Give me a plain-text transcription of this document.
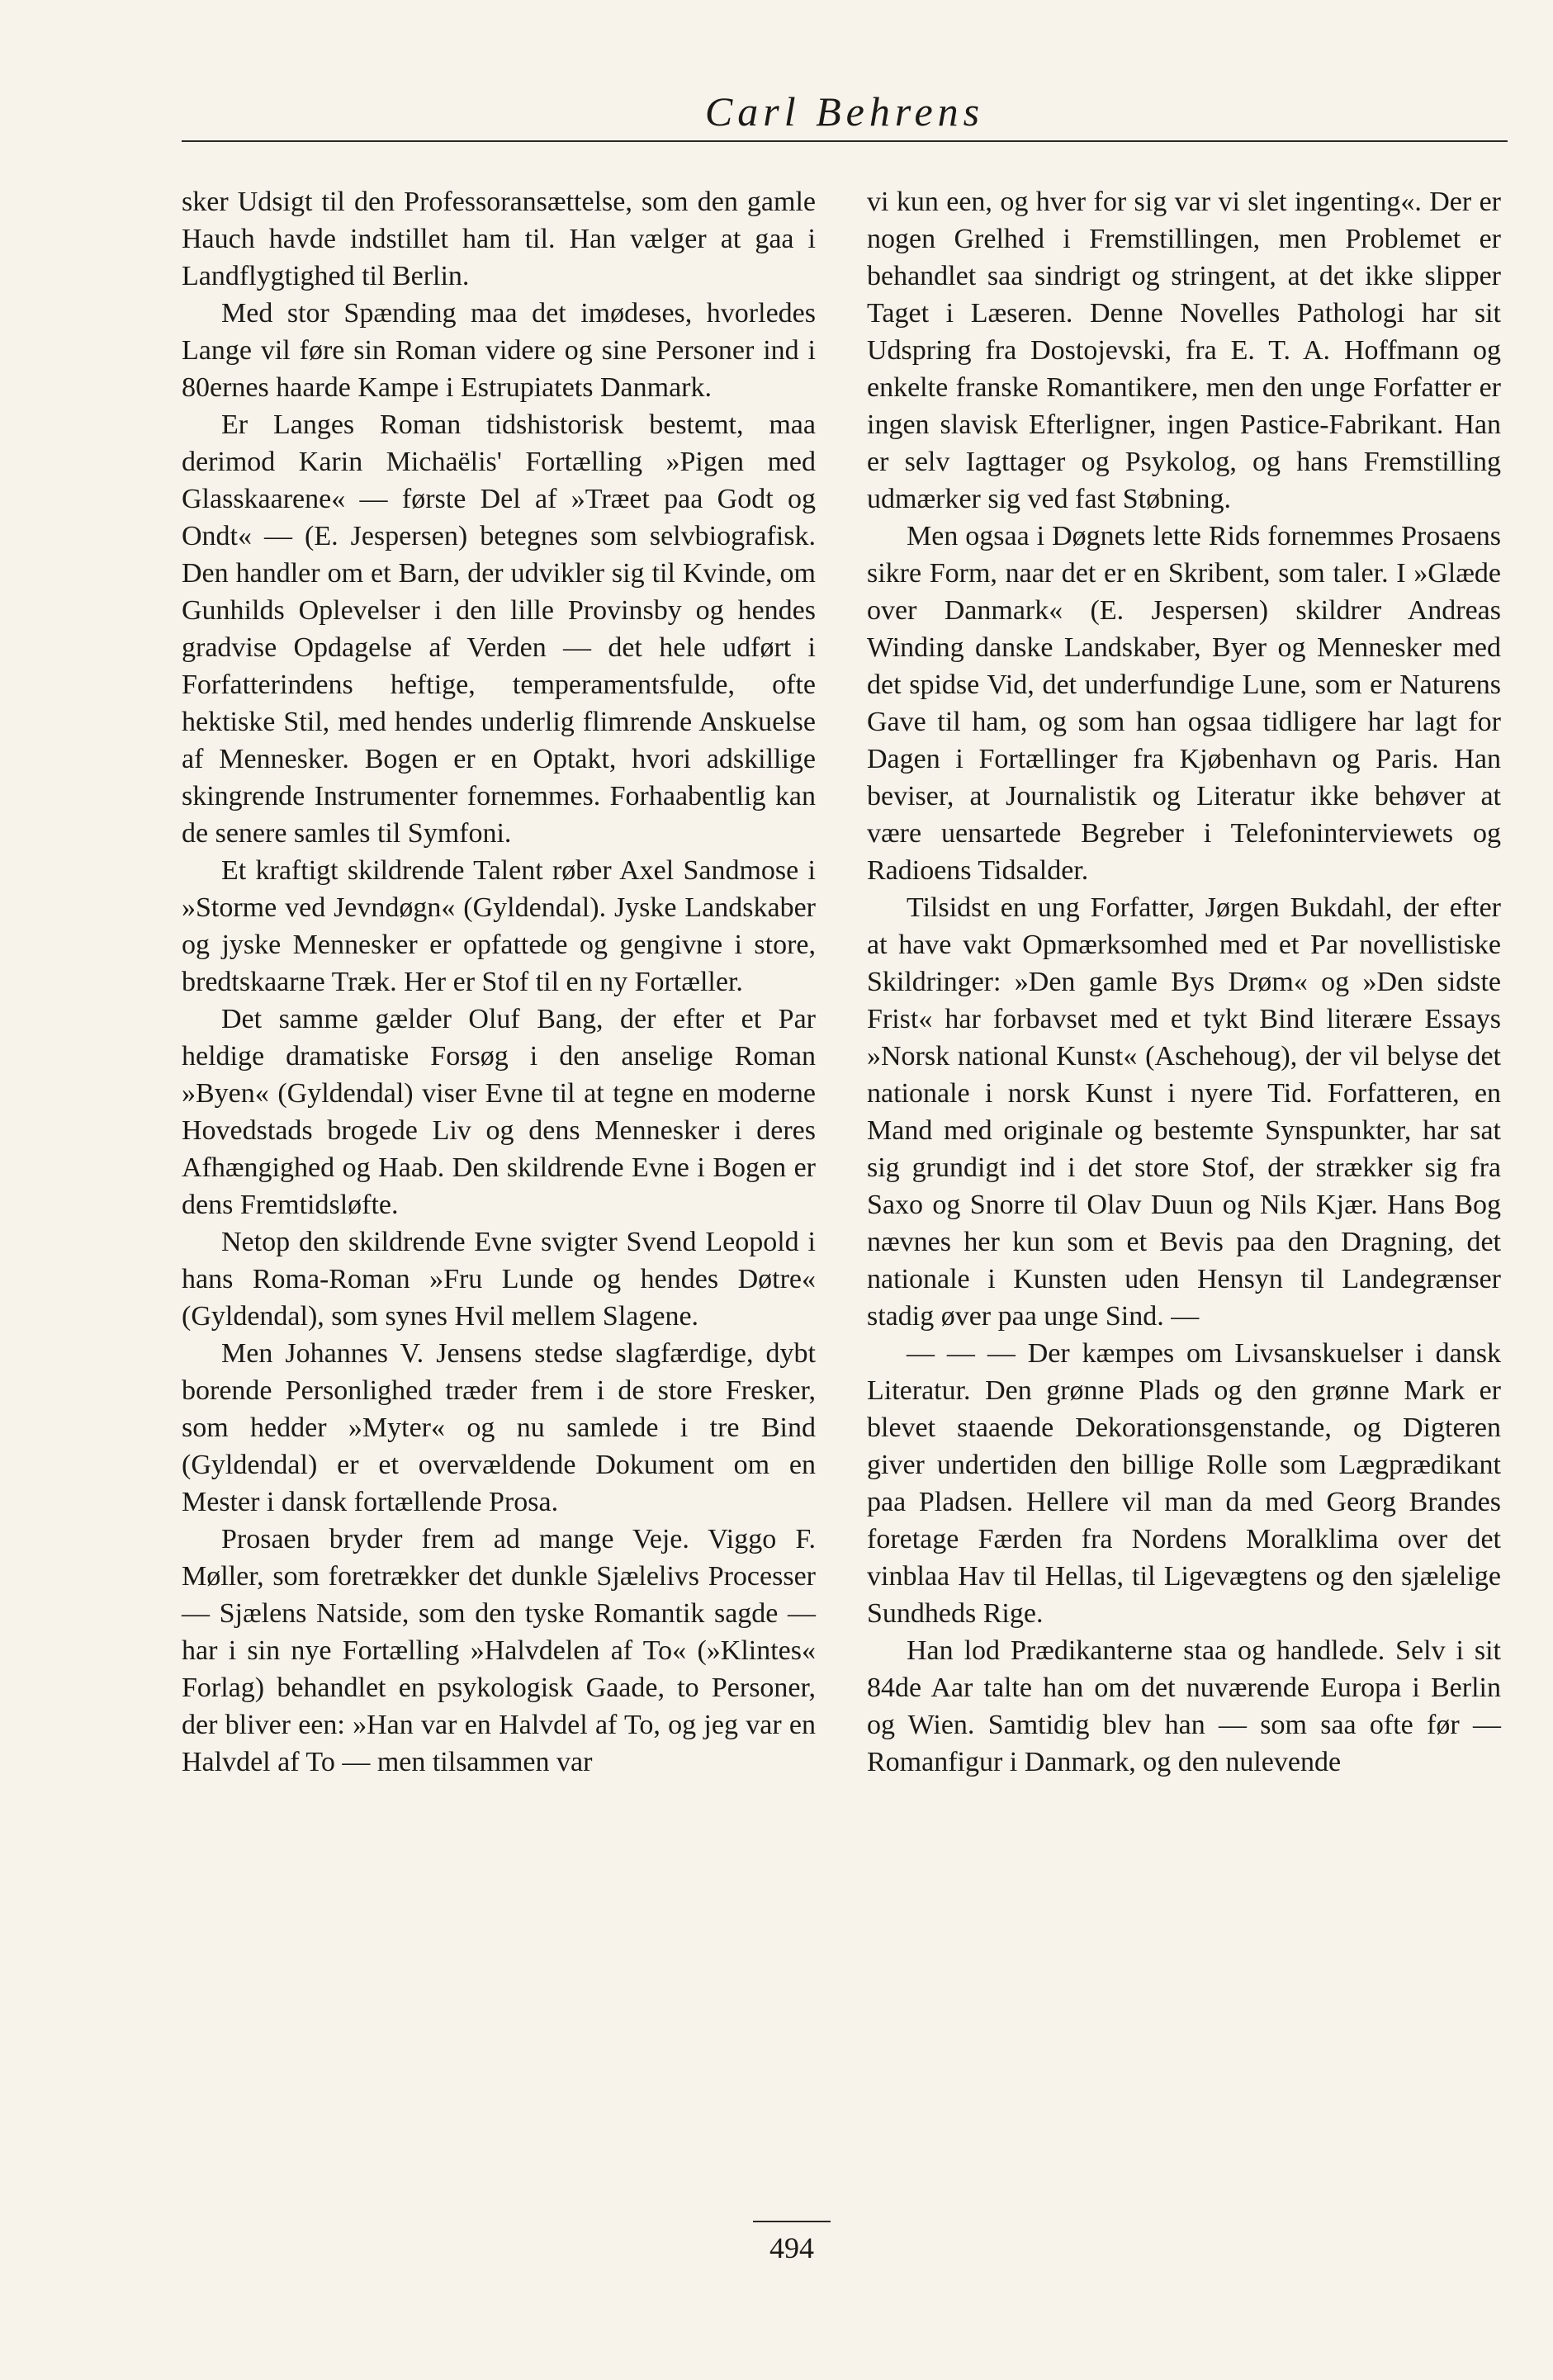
Carl Behrens

sker Udsigt til den Professoransættelse, som den gamle Hauch havde indstillet ham til. Han vælger at gaa i Landflygtighed til Berlin.

Med stor Spænding maa det imødeses, hvorledes Lange vil føre sin Roman videre og sine Personer ind i 80ernes haarde Kampe i Estrupiatets Danmark.

Er Langes Roman tidshistorisk bestemt, maa derimod Karin Michaëlis' Fortælling »Pigen med Glasskaarene« — første Del af »Træet paa Godt og Ondt« — (E. Jespersen) betegnes som selvbiografisk. Den handler om et Barn, der udvikler sig til Kvinde, om Gunhilds Oplevelser i den lille Provinsby og hendes gradvise Opdagelse af Verden — det hele udført i Forfatterindens heftige, temperamentsfulde, ofte hektiske Stil, med hendes underlig flimrende Anskuelse af Mennesker. Bogen er en Optakt, hvori adskillige skingrende Instrumenter fornemmes. Forhaabentlig kan de senere samles til Symfoni.

Et kraftigt skildrende Talent røber Axel Sandmose i »Storme ved Jevndøgn« (Gyldendal). Jyske Landskaber og jyske Mennesker er opfattede og gengivne i store, bredtskaarne Træk. Her er Stof til en ny Fortæller.

Det samme gælder Oluf Bang, der efter et Par heldige dramatiske Forsøg i den anselige Roman »Byen« (Gyldendal) viser Evne til at tegne en moderne Hovedstads brogede Liv og dens Mennesker i deres Afhængighed og Haab. Den skildrende Evne i Bogen er dens Fremtidsløfte.

Netop den skildrende Evne svigter Svend Leopold i hans Roma-Roman »Fru Lunde og hendes Døtre« (Gyldendal), som synes Hvil mellem Slagene.

Men Johannes V. Jensens stedse slagfærdige, dybt borende Personlighed træder frem i de store Fresker, som hedder »Myter« og nu samlede i tre Bind (Gyldendal) er et overvældende Dokument om en Mester i dansk fortællende Prosa.

Prosaen bryder frem ad mange Veje. Viggo F. Møller, som foretrækker det dunkle Sjælelivs Processer — Sjælens Natside, som den tyske Romantik sagde — har i sin nye Fortælling »Halvdelen af To« (»Klintes« Forlag) behandlet en psykologisk Gaade, to Personer, der bliver een: »Han var en Halvdel af To, og jeg var en Halvdel af To — men tilsammen var

vi kun een, og hver for sig var vi slet ingenting«. Der er nogen Grelhed i Fremstillingen, men Problemet er behandlet saa sindrigt og stringent, at det ikke slipper Taget i Læseren. Denne Novelles Pathologi har sit Udspring fra Dostojevski, fra E. T. A. Hoffmann og enkelte franske Romantikere, men den unge Forfatter er ingen slavisk Efterligner, ingen Pastice-Fabrikant. Han er selv Iagttager og Psykolog, og hans Fremstilling udmærker sig ved fast Støbning.

Men ogsaa i Døgnets lette Rids fornemmes Prosaens sikre Form, naar det er en Skribent, som taler. I »Glæde over Danmark« (E. Jespersen) skildrer Andreas Winding danske Landskaber, Byer og Mennesker med det spidse Vid, det underfundige Lune, som er Naturens Gave til ham, og som han ogsaa tidligere har lagt for Dagen i Fortællinger fra Kjøbenhavn og Paris. Han beviser, at Journalistik og Literatur ikke behøver at være uensartede Begreber i Telefoninterviewets og Radioens Tidsalder.

Tilsidst en ung Forfatter, Jørgen Bukdahl, der efter at have vakt Opmærksomhed med et Par novellistiske Skildringer: »Den gamle Bys Drøm« og »Den sidste Frist« har forbavset med et tykt Bind literære Essays »Norsk national Kunst« (Aschehoug), der vil belyse det nationale i norsk Kunst i nyere Tid. Forfatteren, en Mand med originale og bestemte Synspunkter, har sat sig grundigt ind i det store Stof, der strækker sig fra Saxo og Snorre til Olav Duun og Nils Kjær. Hans Bog nævnes her kun som et Bevis paa den Dragning, det nationale i Kunsten uden Hensyn til Landegrænser stadig øver paa unge Sind. —

— — — Der kæmpes om Livsanskuelser i dansk Literatur. Den grønne Plads og den grønne Mark er blevet staaende Dekorationsgenstande, og Digteren giver undertiden den billige Rolle som Lægprædikant paa Pladsen. Hellere vil man da med Georg Brandes foretage Færden fra Nordens Moralklima over det vinblaa Hav til Hellas, til Ligevægtens og den sjælelige Sundheds Rige.

Han lod Prædikanterne staa og handlede. Selv i sit 84de Aar talte han om det nuværende Europa i Berlin og Wien. Samtidig blev han — som saa ofte før — Romanfigur i Danmark, og den nulevende

494
